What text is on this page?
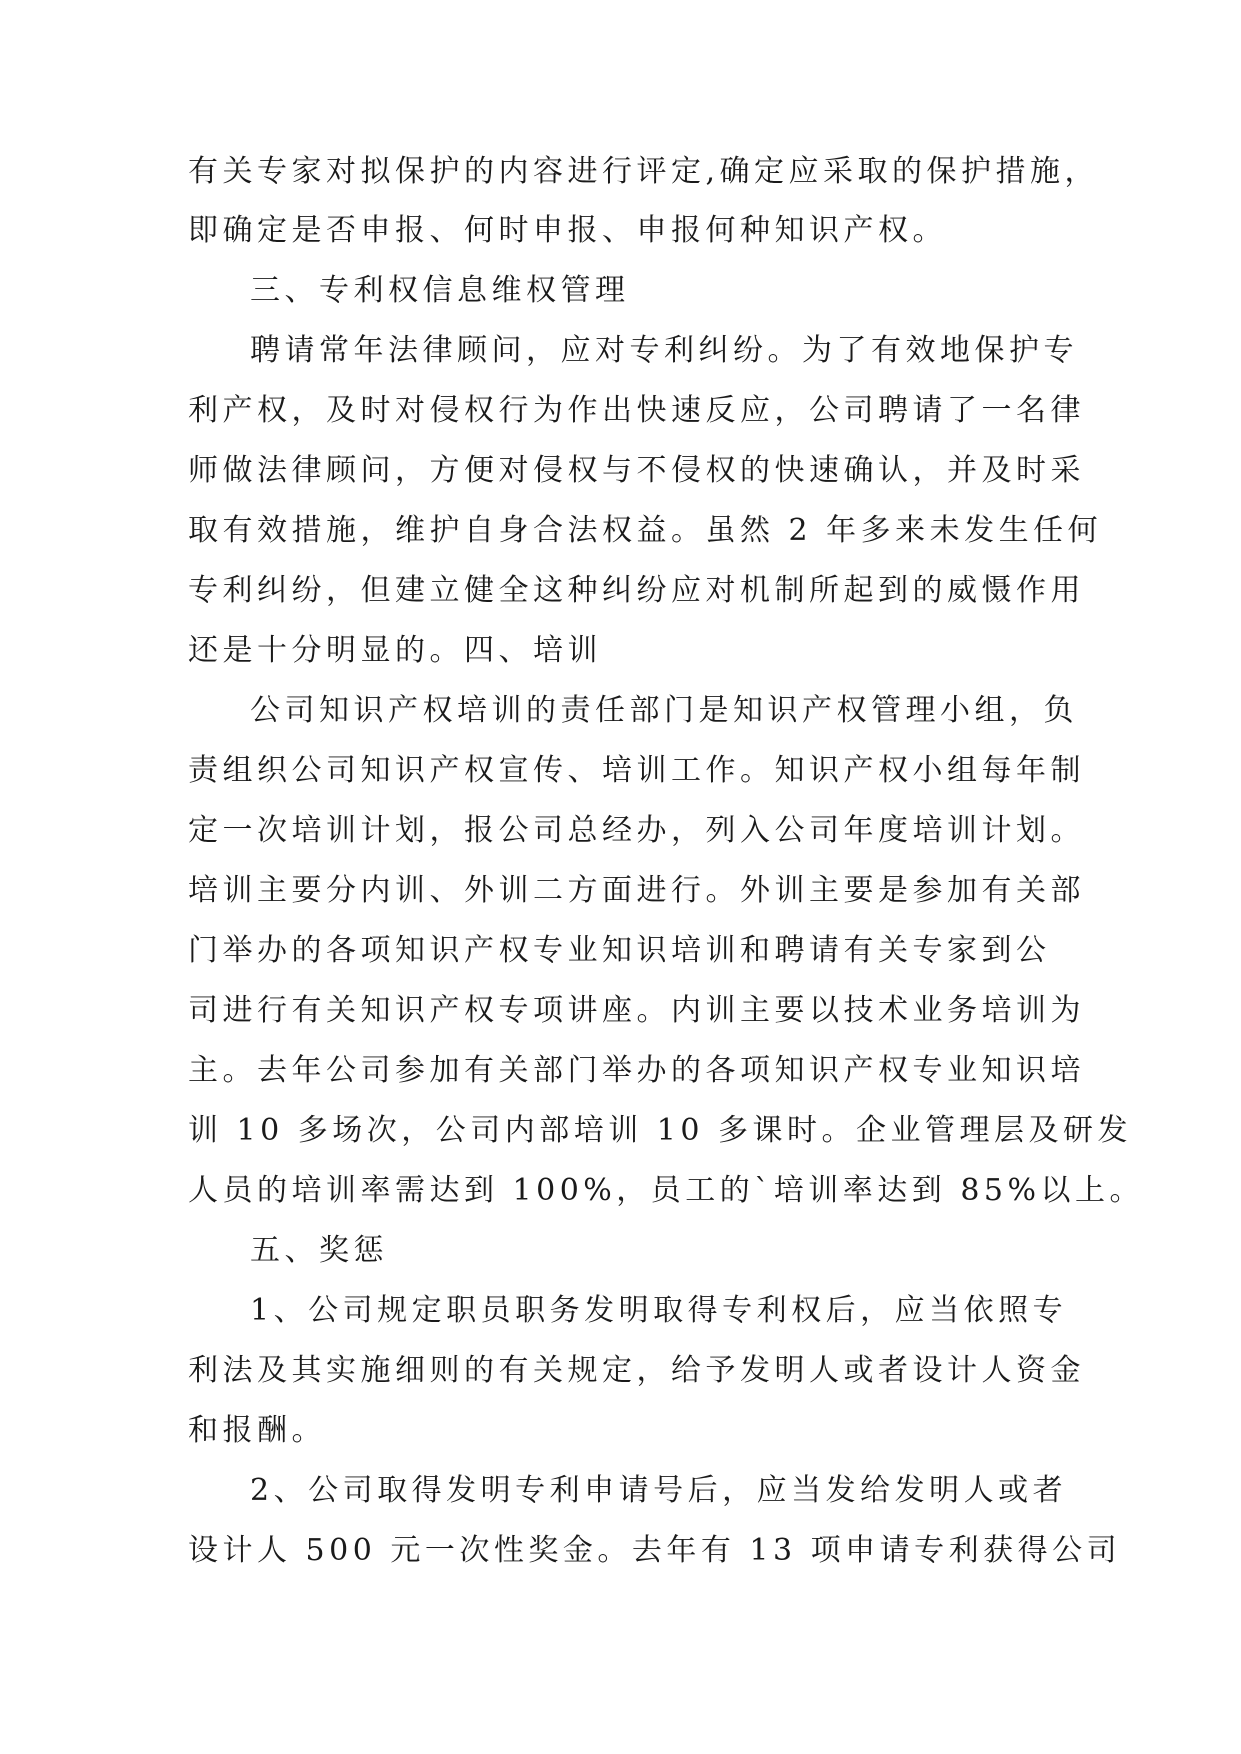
有关专家对拟保护的内容进行评定,确定应采取的保护措施，
即确定是否申报、何时申报、申报何种知识产权。
三、专利权信息维权管理
聘请常年法律顾问，应对专利纠纷。为了有效地保护专
利产权，及时对侵权行为作出快速反应，公司聘请了一名律
师做法律顾问，方便对侵权与不侵权的快速确认，并及时采
取有效措施，维护自身合法权益。虽然 2 年多来未发生任何
专利纠纷，但建立健全这种纠纷应对机制所起到的威慑作用
还是十分明显的。四、培训
公司知识产权培训的责任部门是知识产权管理小组，负
责组织公司知识产权宣传、培训工作。知识产权小组每年制
定一次培训计划，报公司总经办，列入公司年度培训计划。
培训主要分内训、外训二方面进行。外训主要是参加有关部
门举办的各项知识产权专业知识培训和聘请有关专家到公
司进行有关知识产权专项讲座。内训主要以技术业务培训为
主。去年公司参加有关部门举办的各项知识产权专业知识培
训 10 多场次，公司内部培训 10 多课时。企业管理层及研发
人员的培训率需达到 100%，员工的`培训率达到 85%以上。
五、奖惩
1、公司规定职员职务发明取得专利权后，应当依照专
利法及其实施细则的有关规定，给予发明人或者设计人资金
和报酬。
2、公司取得发明专利申请号后，应当发给发明人或者
设计人 500 元一次性奖金。去年有 13 项申请专利获得公司
